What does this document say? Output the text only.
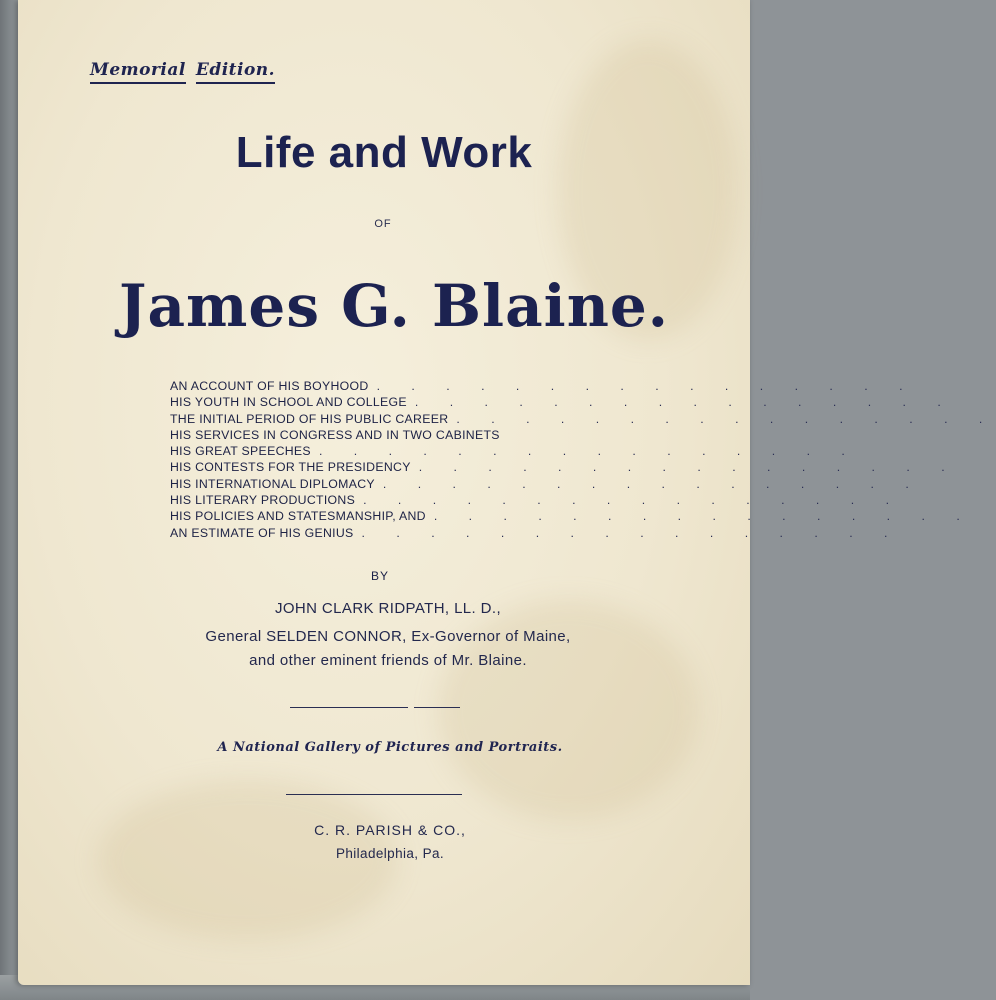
Memorial Edition.
Life and Work
OF
James G. Blaine.
AN ACCOUNT OF HIS BOYHOOD . . . . . . . . . . . . . . . .
HIS YOUTH IN SCHOOL AND COLLEGE . . . . . . . . . . . . . . . .
THE INITIAL PERIOD OF HIS PUBLIC CAREER . . . . . . . . . . . . . . . .
HIS SERVICES IN CONGRESS AND IN TWO CABINETS
HIS GREAT SPEECHES . . . . . . . . . . . . . . . .
HIS CONTESTS FOR THE PRESIDENCY . . . . . . . . . . . . . . . .
HIS INTERNATIONAL DIPLOMACY . . . . . . . . . . . . . . . .
HIS LITERARY PRODUCTIONS . . . . . . . . . . . . . . . .
HIS POLICIES AND STATESMANSHIP, AND . . . . . . . . . . . . . . . .
AN ESTIMATE OF HIS GENIUS . . . . . . . . . . . . . . . .
BY
JOHN CLARK RIDPATH, LL. D.,
General SELDEN CONNOR, Ex-Governor of Maine,
and other eminent friends of Mr. Blaine.
A National Gallery of Pictures and Portraits.
C. R. PARISH & CO.,
Philadelphia, Pa.
